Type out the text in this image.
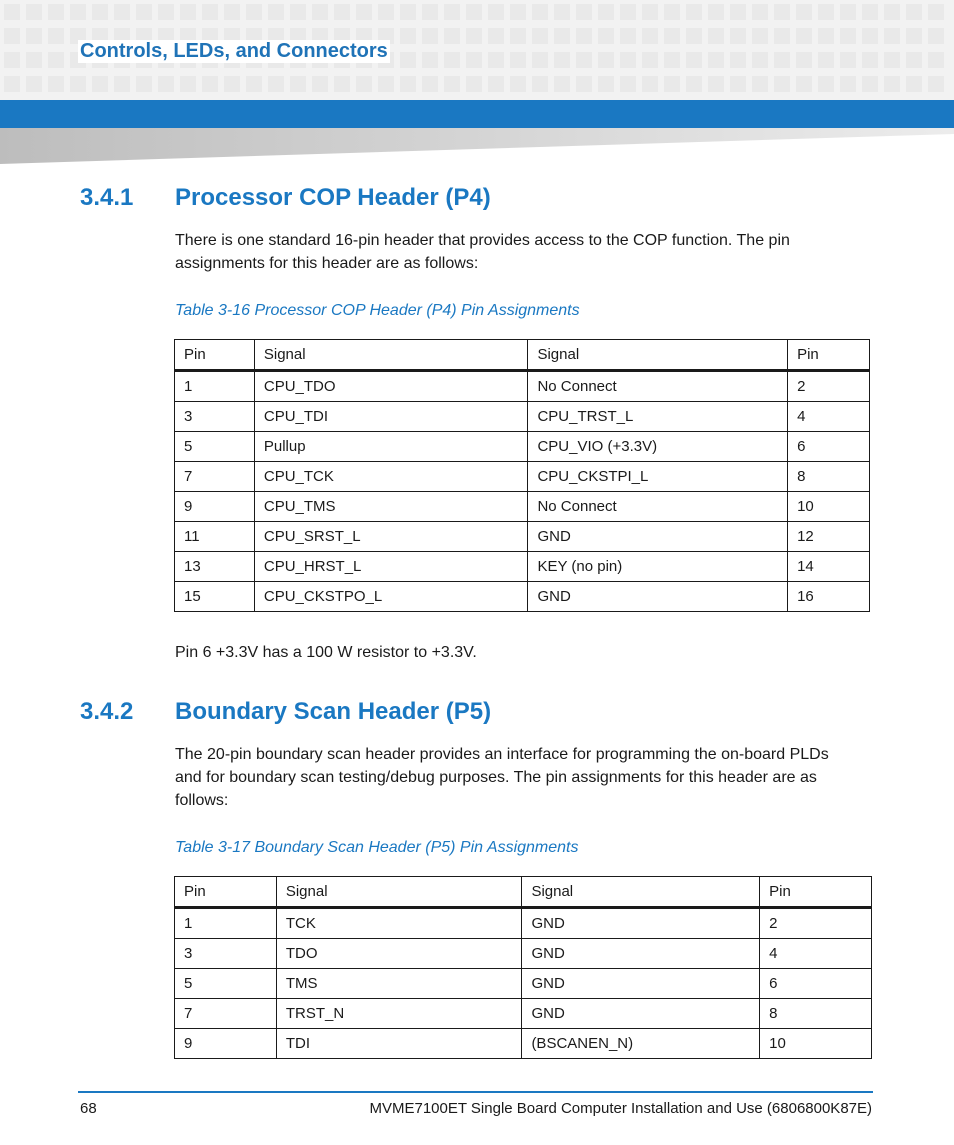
Controls, LEDs, and Connectors
3.4.1 Processor COP Header (P4)

There is one standard 16-pin header that provides access to the COP function. The pin assignments for this header are as follows:

Table 3-16 Processor COP Header (P4) Pin Assignments

Pin	Signal	Signal	Pin
1	CPU_TDO	No Connect	2
3	CPU_TDI	CPU_TRST_L	4
5	Pullup	CPU_VIO (+3.3V)	6
7	CPU_TCK	CPU_CKSTPI_L	8
9	CPU_TMS	No Connect	10
11	CPU_SRST_L	GND	12
13	CPU_HRST_L	KEY (no pin)	14
15	CPU_CKSTPO_L	GND	16

Pin 6 +3.3V has a 100 W resistor to +3.3V.

3.4.2 Boundary Scan Header (P5)

The 20-pin boundary scan header provides an interface for programming the on-board PLDs
and for boundary scan testing/debug purposes. The pin assignments for this header are as
follows:

Table 3-17 Boundary Scan Header (P5) Pin Assignments

Pin	Signal	Signal	Pin
1	TCK	GND	2
3	TDO	GND	4
5	TMS	GND	6
7	TRST_N	GND	8
9	TDI	(BSCANEN_N)	10
68	MVME7100ET Single Board Computer Installation and Use (6806800K87E)
